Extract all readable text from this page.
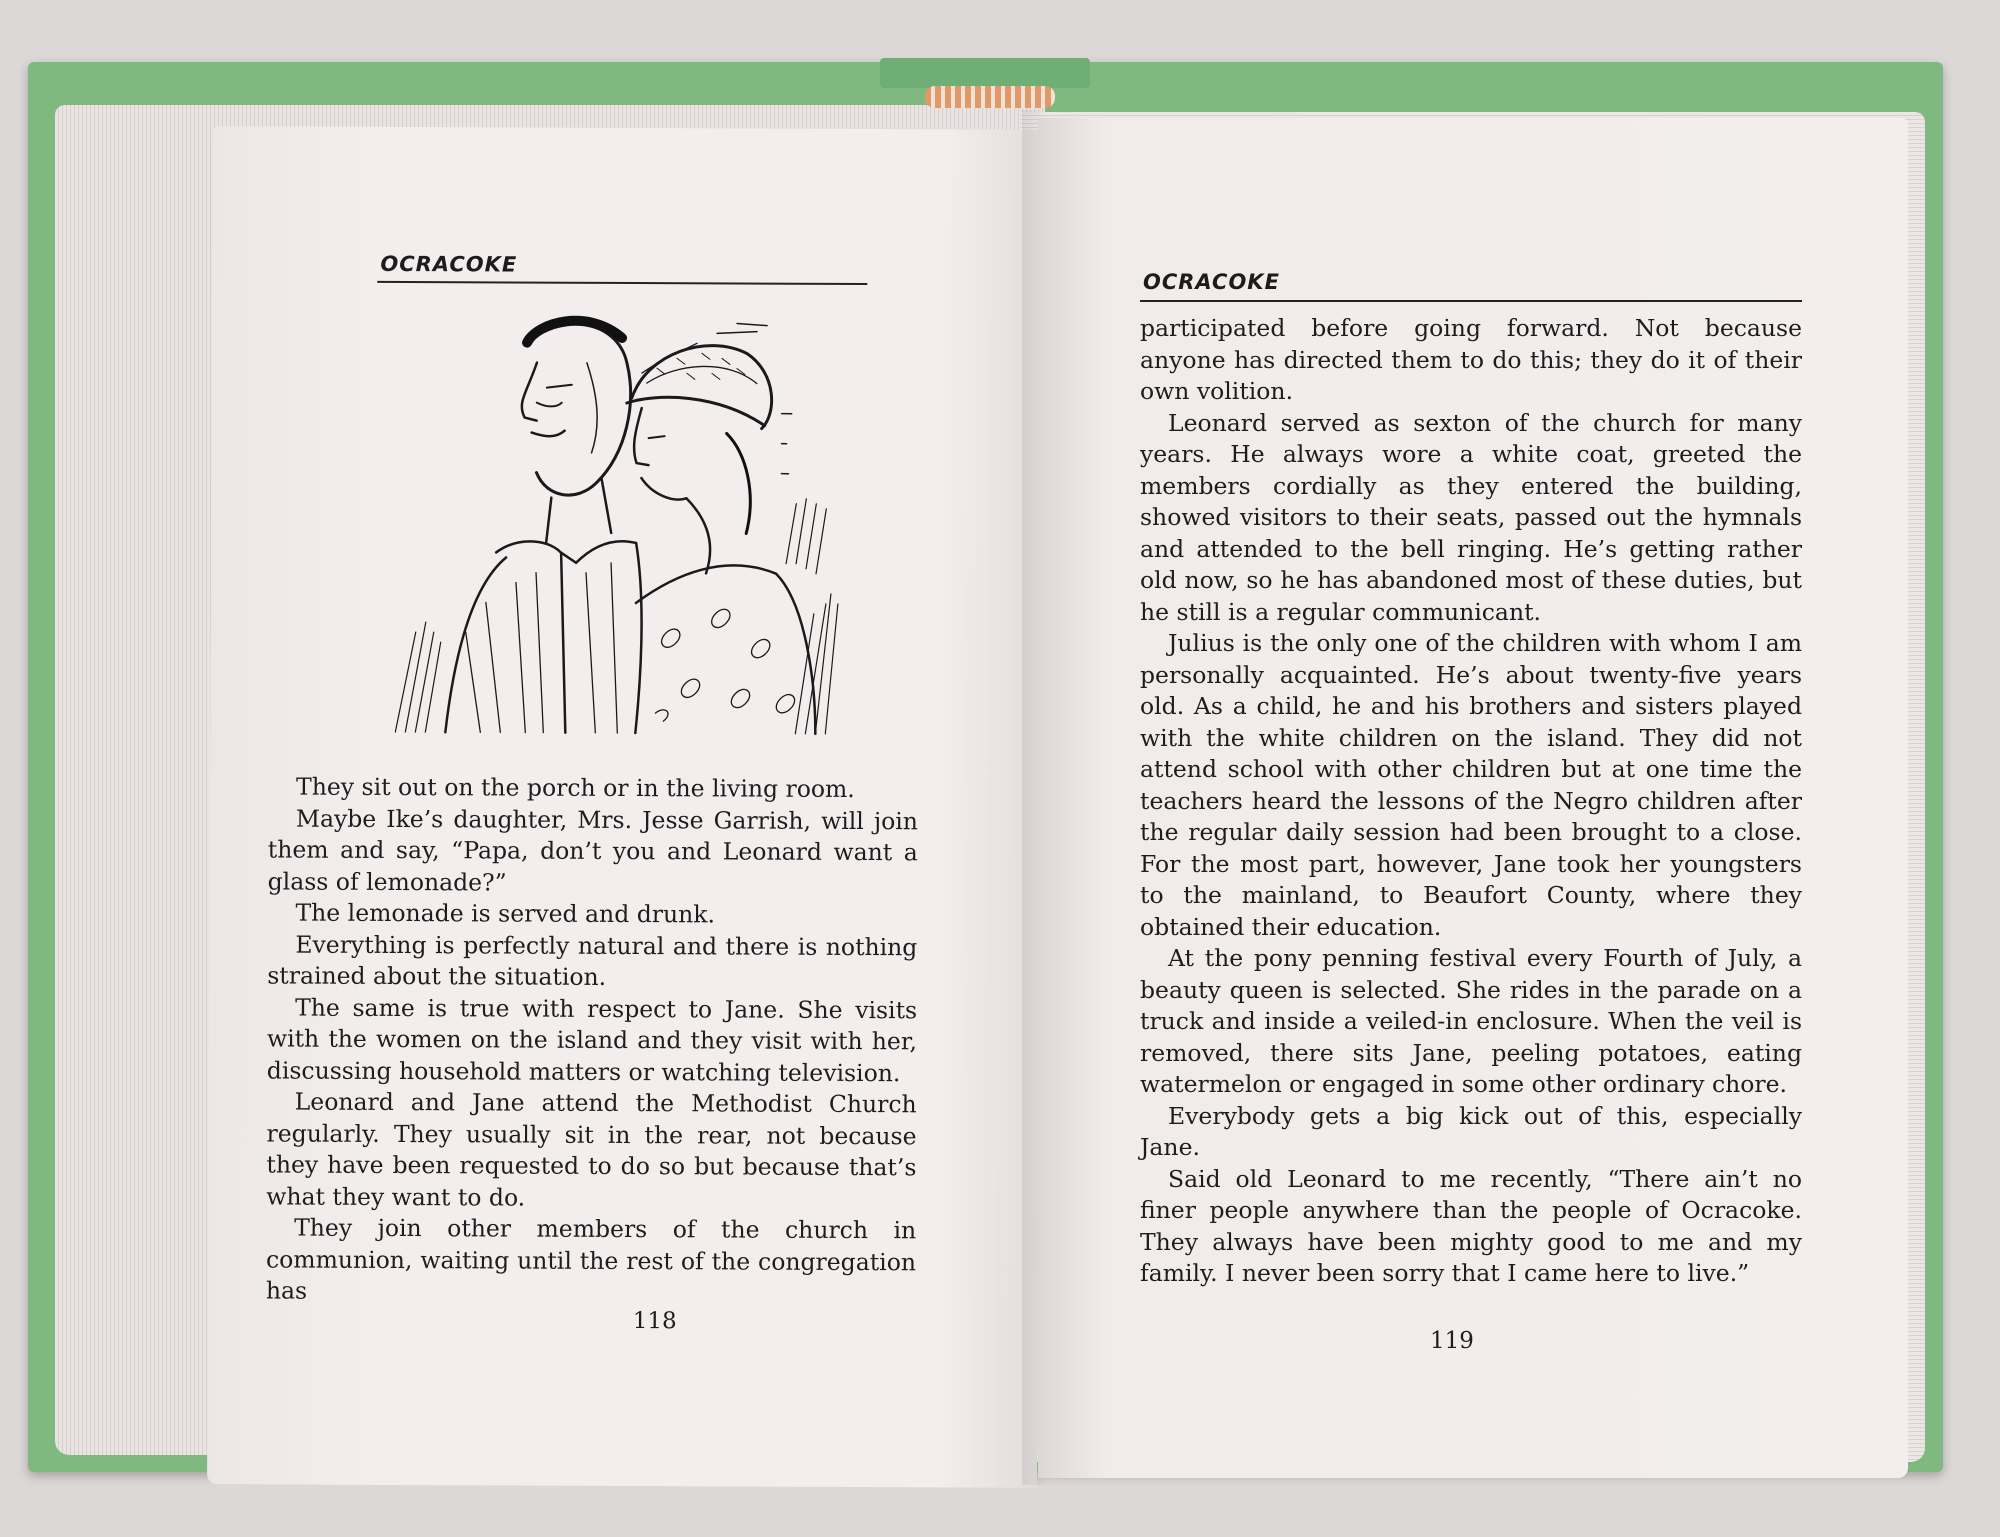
OCRACOKE

They sit out on the porch or in the living room.

Maybe Ike’s daughter, Mrs. Jesse Garrish, will join them and say, “Papa, don’t you and Leonard want a glass of lemonade?”

The lemonade is served and drunk.

Everything is perfectly natural and there is nothing strained about the situation.

The same is true with respect to Jane. She visits with the women on the island and they visit with her, discussing household matters or watching television.

Leonard and Jane attend the Methodist Church regularly. They usually sit in the rear, not because they have been requested to do so but because that’s what they want to do.

They join other members of the church in communion, waiting until the rest of the congregation has

118
OCRACOKE

participated before going forward. Not because anyone has directed them to do this; they do it of their own volition.

Leonard served as sexton of the church for many years. He always wore a white coat, greeted the members cordially as they entered the building, showed visitors to their seats, passed out the hymnals and attended to the bell ringing. He’s getting rather old now, so he has abandoned most of these duties, but he still is a regular communicant.

Julius is the only one of the children with whom I am personally acquainted. He’s about twenty-five years old. As a child, he and his brothers and sisters played with the white children on the island. They did not attend school with other children but at one time the teachers heard the lessons of the Negro children after the regular daily session had been brought to a close. For the most part, however, Jane took her youngsters to the mainland, to Beaufort County, where they obtained their education.

At the pony penning festival every Fourth of July, a beauty queen is selected. She rides in the parade on a truck and inside a veiled-in enclosure. When the veil is removed, there sits Jane, peeling potatoes, eating watermelon or engaged in some other ordinary chore.

Everybody gets a big kick out of this, especially Jane.

Said old Leonard to me recently, “There ain’t no finer people anywhere than the people of Ocracoke. They always have been mighty good to me and my family. I never been sorry that I came here to live.”

119
